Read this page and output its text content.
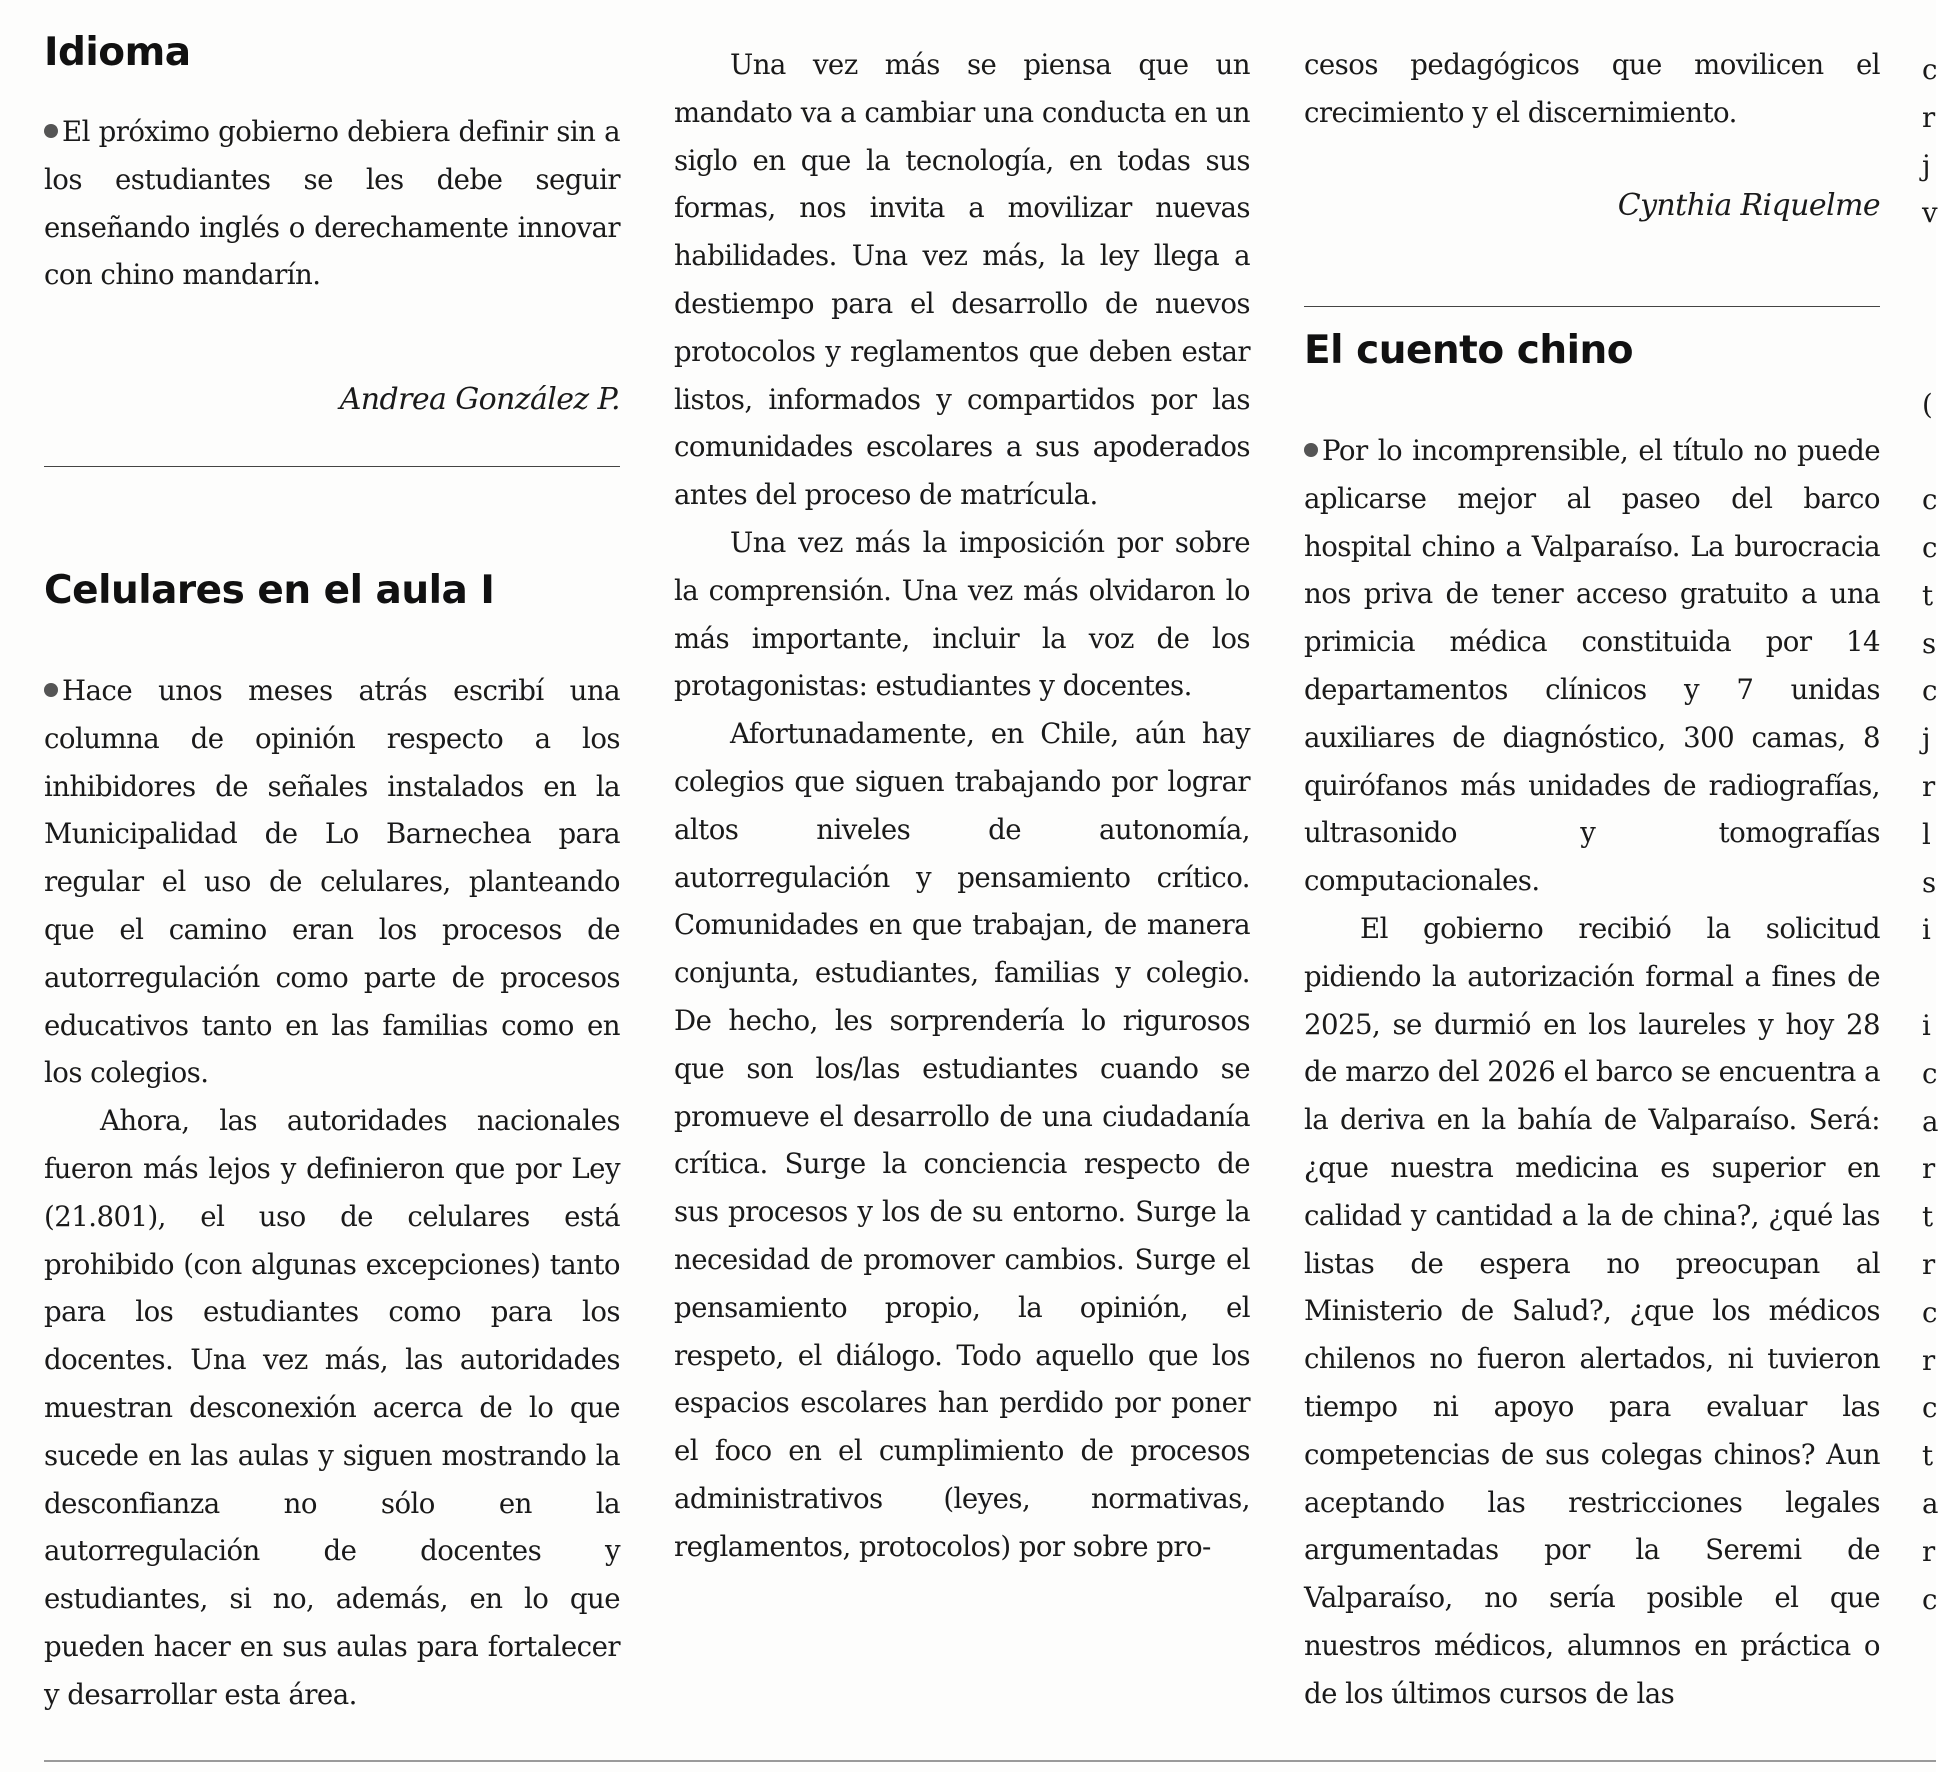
Idioma

El próximo gobierno debiera definir sin a los estudiantes se les debe seguir enseñando inglés o derechamente innovar con chino mandarín.

Andrea González P.

Celulares en el aula I

Hace unos meses atrás escribí una columna de opinión respecto a los inhibidores de señales instalados en la Municipalidad de Lo Barnechea para regular el uso de celulares, planteando que el camino eran los procesos de autorregulación como parte de procesos educativos tanto en las familias como en los colegios.

Ahora, las autoridades nacionales fueron más lejos y definieron que por Ley (21.801), el uso de celulares está prohibido (con algunas excepciones) tanto para los estudiantes como para los docentes. Una vez más, las autoridades muestran desconexión acerca de lo que sucede en las aulas y siguen mostrando la desconfianza no sólo en la autorregulación de docentes y estudiantes, si no, además, en lo que pueden hacer en sus aulas para fortalecer y desarrollar esta área.

Una vez más se piensa que un mandato va a cambiar una conducta en un siglo en que la tecnología, en todas sus formas, nos invita a movilizar nuevas habilidades. Una vez más, la ley llega a destiempo para el desarrollo de nuevos protocolos y reglamentos que deben estar listos, informados y compartidos por las comunidades escolares a sus apoderados antes del proceso de matrícula.

Una vez más la imposición por sobre la comprensión. Una vez más olvidaron lo más importante, incluir la voz de los protagonistas: estudiantes y docentes.

Afortunadamente, en Chile, aún hay colegios que siguen trabajando por lograr altos niveles de autonomía, autorregulación y pensamiento crítico. Comunidades en que trabajan, de manera conjunta, estudiantes, familias y colegio. De hecho, les sorprendería lo rigurosos que son los/las estudiantes cuando se promueve el desarrollo de una ciudadanía crítica. Surge la conciencia respecto de sus procesos y los de su entorno. Surge la necesidad de promover cambios. Surge el pensamiento propio, la opinión, el respeto, el diálogo. Todo aquello que los espacios escolares han perdido por poner el foco en el cumplimiento de procesos administrativos (leyes, normativas, reglamentos, protocolos) por sobre pro-

cesos pedagógicos que movilicen el crecimiento y el discernimiento.

Cynthia Riquelme

El cuento chino

Por lo incomprensible, el título no puede aplicarse mejor al paseo del barco hospital chino a Valparaíso. La burocracia nos priva de tener acceso gratuito a una primicia médica constituida por 14 departamentos clínicos y 7 unidas auxiliares de diagnóstico, 300 camas, 8 quirófanos más unidades de radiografías, ultrasonido y tomografías computacionales.

El gobierno recibió la solicitud pidiendo la autorización formal a fines de 2025, se durmió en los laureles y hoy 28 de marzo del 2026 el barco se encuentra a la deriva en la bahía de Valparaíso. Será: ¿que nuestra medicina es superior en calidad y cantidad a la de china?, ¿qué las listas de espera no preocupan al Ministerio de Salud?, ¿que los médicos chilenos no fueron alertados, ni tuvieron tiempo ni apoyo para evaluar las competencias de sus colegas chinos? Aun aceptando las restricciones legales argumentadas por la Seremi de Valparaíso, no sería posible el que nuestros médicos, alumnos en práctica o de los últimos cursos de las

c

r

j

v

(

c

c

t

s

c

j

r

l

s

i

i

c

a

r

t

r

c

r

c

t

a

r

c
